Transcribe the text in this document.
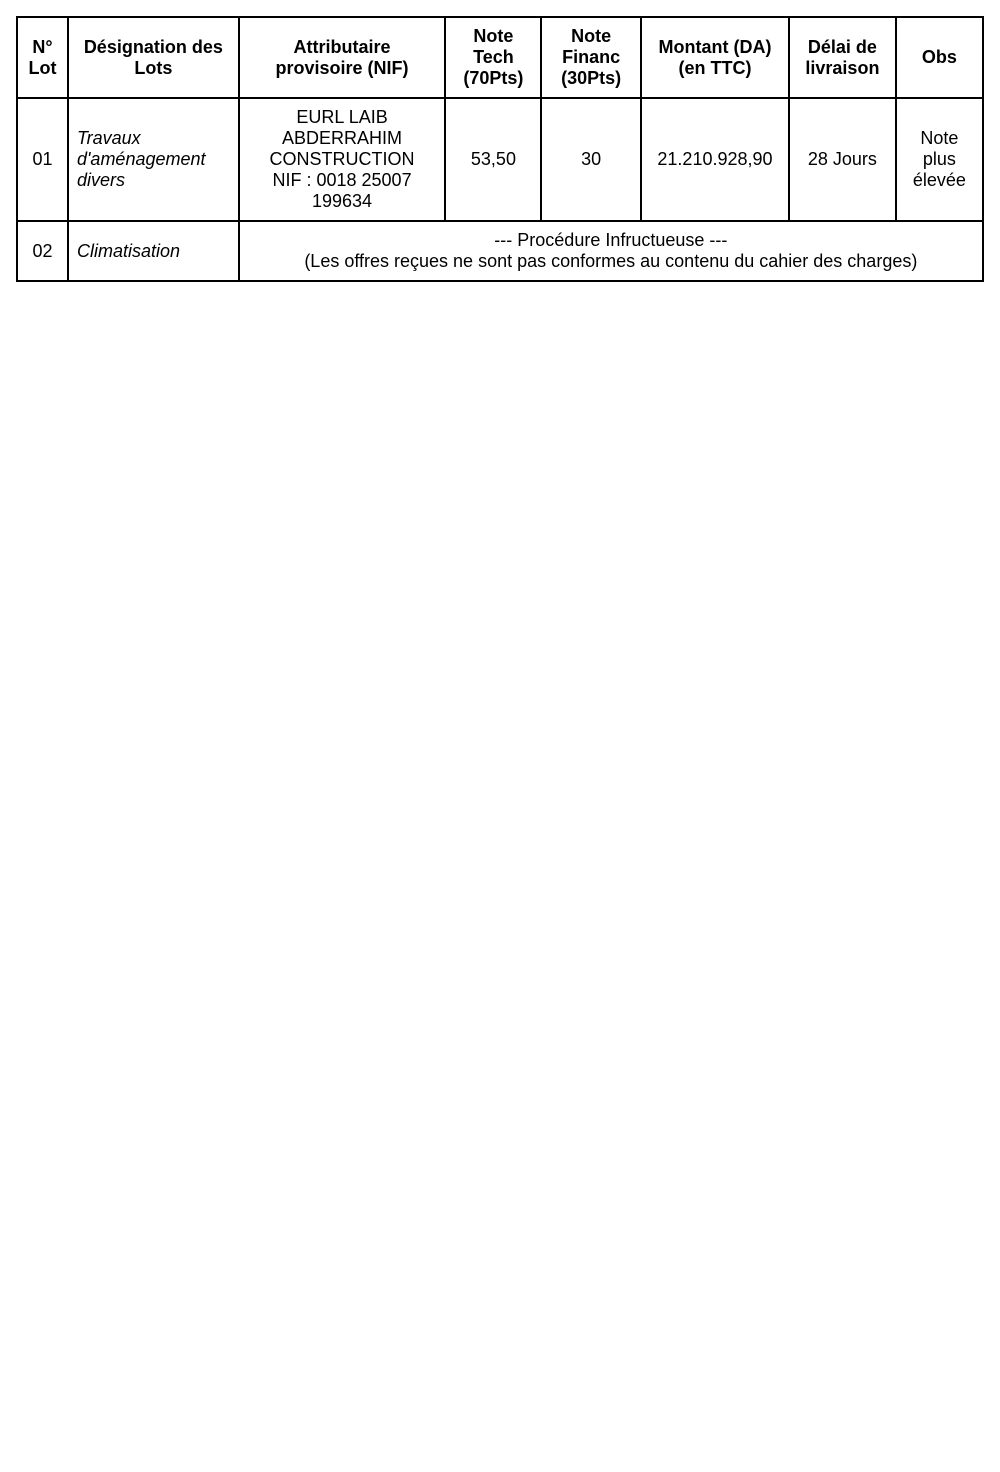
N° Lot	Désignation des Lots	Attributaire provisoire (NIF)	Note Tech (70Pts)	Note Financ (30Pts)	Montant (DA) (en TTC)	Délai de livraison	Obs
01	Travaux d'aménagement divers	EURL LAIB ABDERRAHIM CONSTRUCTION
NIF : 0018 25007 199634	53,50	30	21.210.928,90	28 Jours	Note plus élevée
02	Climatisation	--- Procédure Infructueuse ---
(Les offres reçues ne sont pas conformes au contenu du cahier des charges)					
